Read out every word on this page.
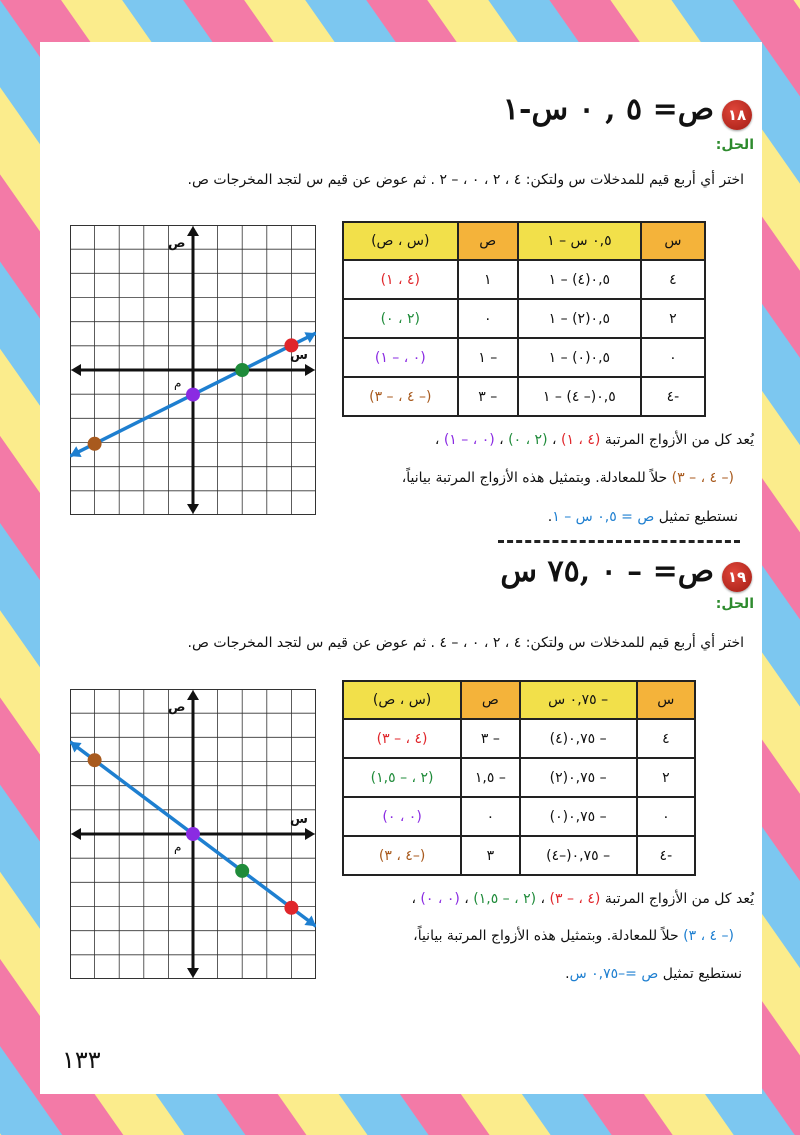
١٨
ص= ٥ , ٠ س-١
الحل:
اختر أي أربع قيم للمدخلات س ولتكن: ٤ ، ٢ ، ٠ ، – ٢ . ثم عوض عن قيم س لتجد المخرجات ص.
ص
س
م
س	٠,٥ س – ١	ص	(س ، ص)
٤	٠,٥(٤) – ١	١	(٤ ، ١)
٢	٠,٥(٢) – ١	٠	(٢ ، ٠)
٠	٠,٥(٠) – ١	– ١	(٠ ، – ١)
-٤	٠,٥(– ٤) – ١	– ٣	(– ٤ ، – ٣)
يُعد كل من الأزواج المرتبة (٤ ، ١) ، (٢ ، ٠) ، (٠ ، – ١) ،
(– ٤ ، – ٣) حلاً للمعادلة. وبتمثيل هذه الأزواج المرتبة بيانياً،
نستطيع تمثيل ص = ٠,٥ س – ١.
١٩
ص= – ٠ ,٧٥ س
الحل:
اختر أي أربع قيم للمدخلات س ولتكن: ٤ ، ٢ ، ٠ ، – ٤ . ثم عوض عن قيم س لتجد المخرجات ص.
ص
س
م
س	– ٠,٧٥ س	ص	(س ، ص)
٤	– ٠,٧٥(٤)	– ٣	(٤ ، – ٣)
٢	– ٠,٧٥(٢)	– ١,٥	(٢ ، – ١,٥)
٠	– ٠,٧٥(٠)	٠	(٠ ، ٠)
-٤	– ٠,٧٥(–٤)	٣	(–٤ ، ٣)
يُعد كل من الأزواج المرتبة (٤ ، – ٣) ، (٢ ، – ١,٥) ، (٠ ، ٠) ،
(– ٤ ، ٣) حلاً للمعادلة. وبتمثيل هذه الأزواج المرتبة بيانياً،
نستطيع تمثيل ص =–٠,٧٥ س.
١٣٣
